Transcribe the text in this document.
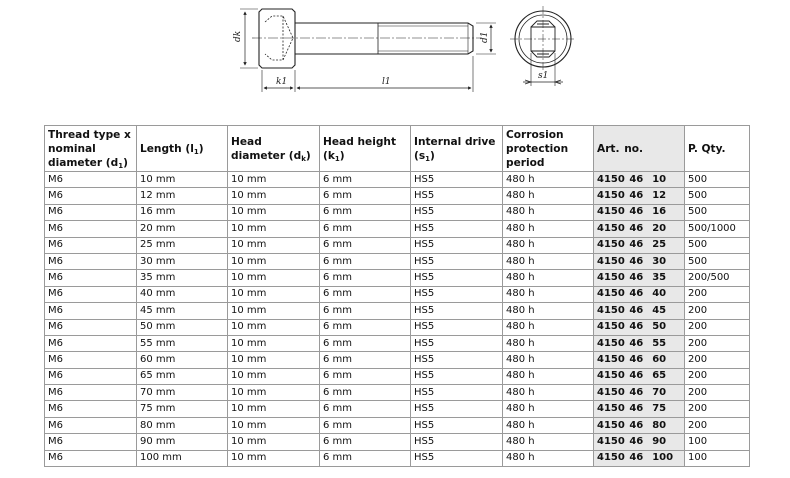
dk	d1
k1	l1
s1
Thread type x nominal diameter $(d_1)$	Length $(l_1)$	Head diameter $(d_k)$	Head height $(k_1)$	Internal drive $(s_1)$	Corrosion protection period	Art. no.	P. Qty.
M6	10 mm	10 mm	6 mm	HS5	480 h	4150 46  10	500
M6	12 mm	10 mm	6 mm	HS5	480 h	4150 46  12	500
M6	16 mm	10 mm	6 mm	HS5	480 h	4150 46  16	500
M6	20 mm	10 mm	6 mm	HS5	480 h	4150 46  20	500/1000
M6	25 mm	10 mm	6 mm	HS5	480 h	4150 46  25	500
M6	30 mm	10 mm	6 mm	HS5	480 h	4150 46  30	500
M6	35 mm	10 mm	6 mm	HS5	480 h	4150 46  35	200/500
M6	40 mm	10 mm	6 mm	HS5	480 h	4150 46  40	200
M6	45 mm	10 mm	6 mm	HS5	480 h	4150 46  45	200
M6	50 mm	10 mm	6 mm	HS5	480 h	4150 46  50	200
M6	55 mm	10 mm	6 mm	HS5	480 h	4150 46  55	200
M6	60 mm	10 mm	6 mm	HS5	480 h	4150 46  60	200
M6	65 mm	10 mm	6 mm	HS5	480 h	4150 46  65	200
M6	70 mm	10 mm	6 mm	HS5	480 h	4150 46  70	200
M6	75 mm	10 mm	6 mm	HS5	480 h	4150 46  75	200
M6	80 mm	10 mm	6 mm	HS5	480 h	4150 46  80	200
M6	90 mm	10 mm	6 mm	HS5	480 h	4150 46  90	100
M6	100 mm	10 mm	6 mm	HS5	480 h	4150 46  100	100
